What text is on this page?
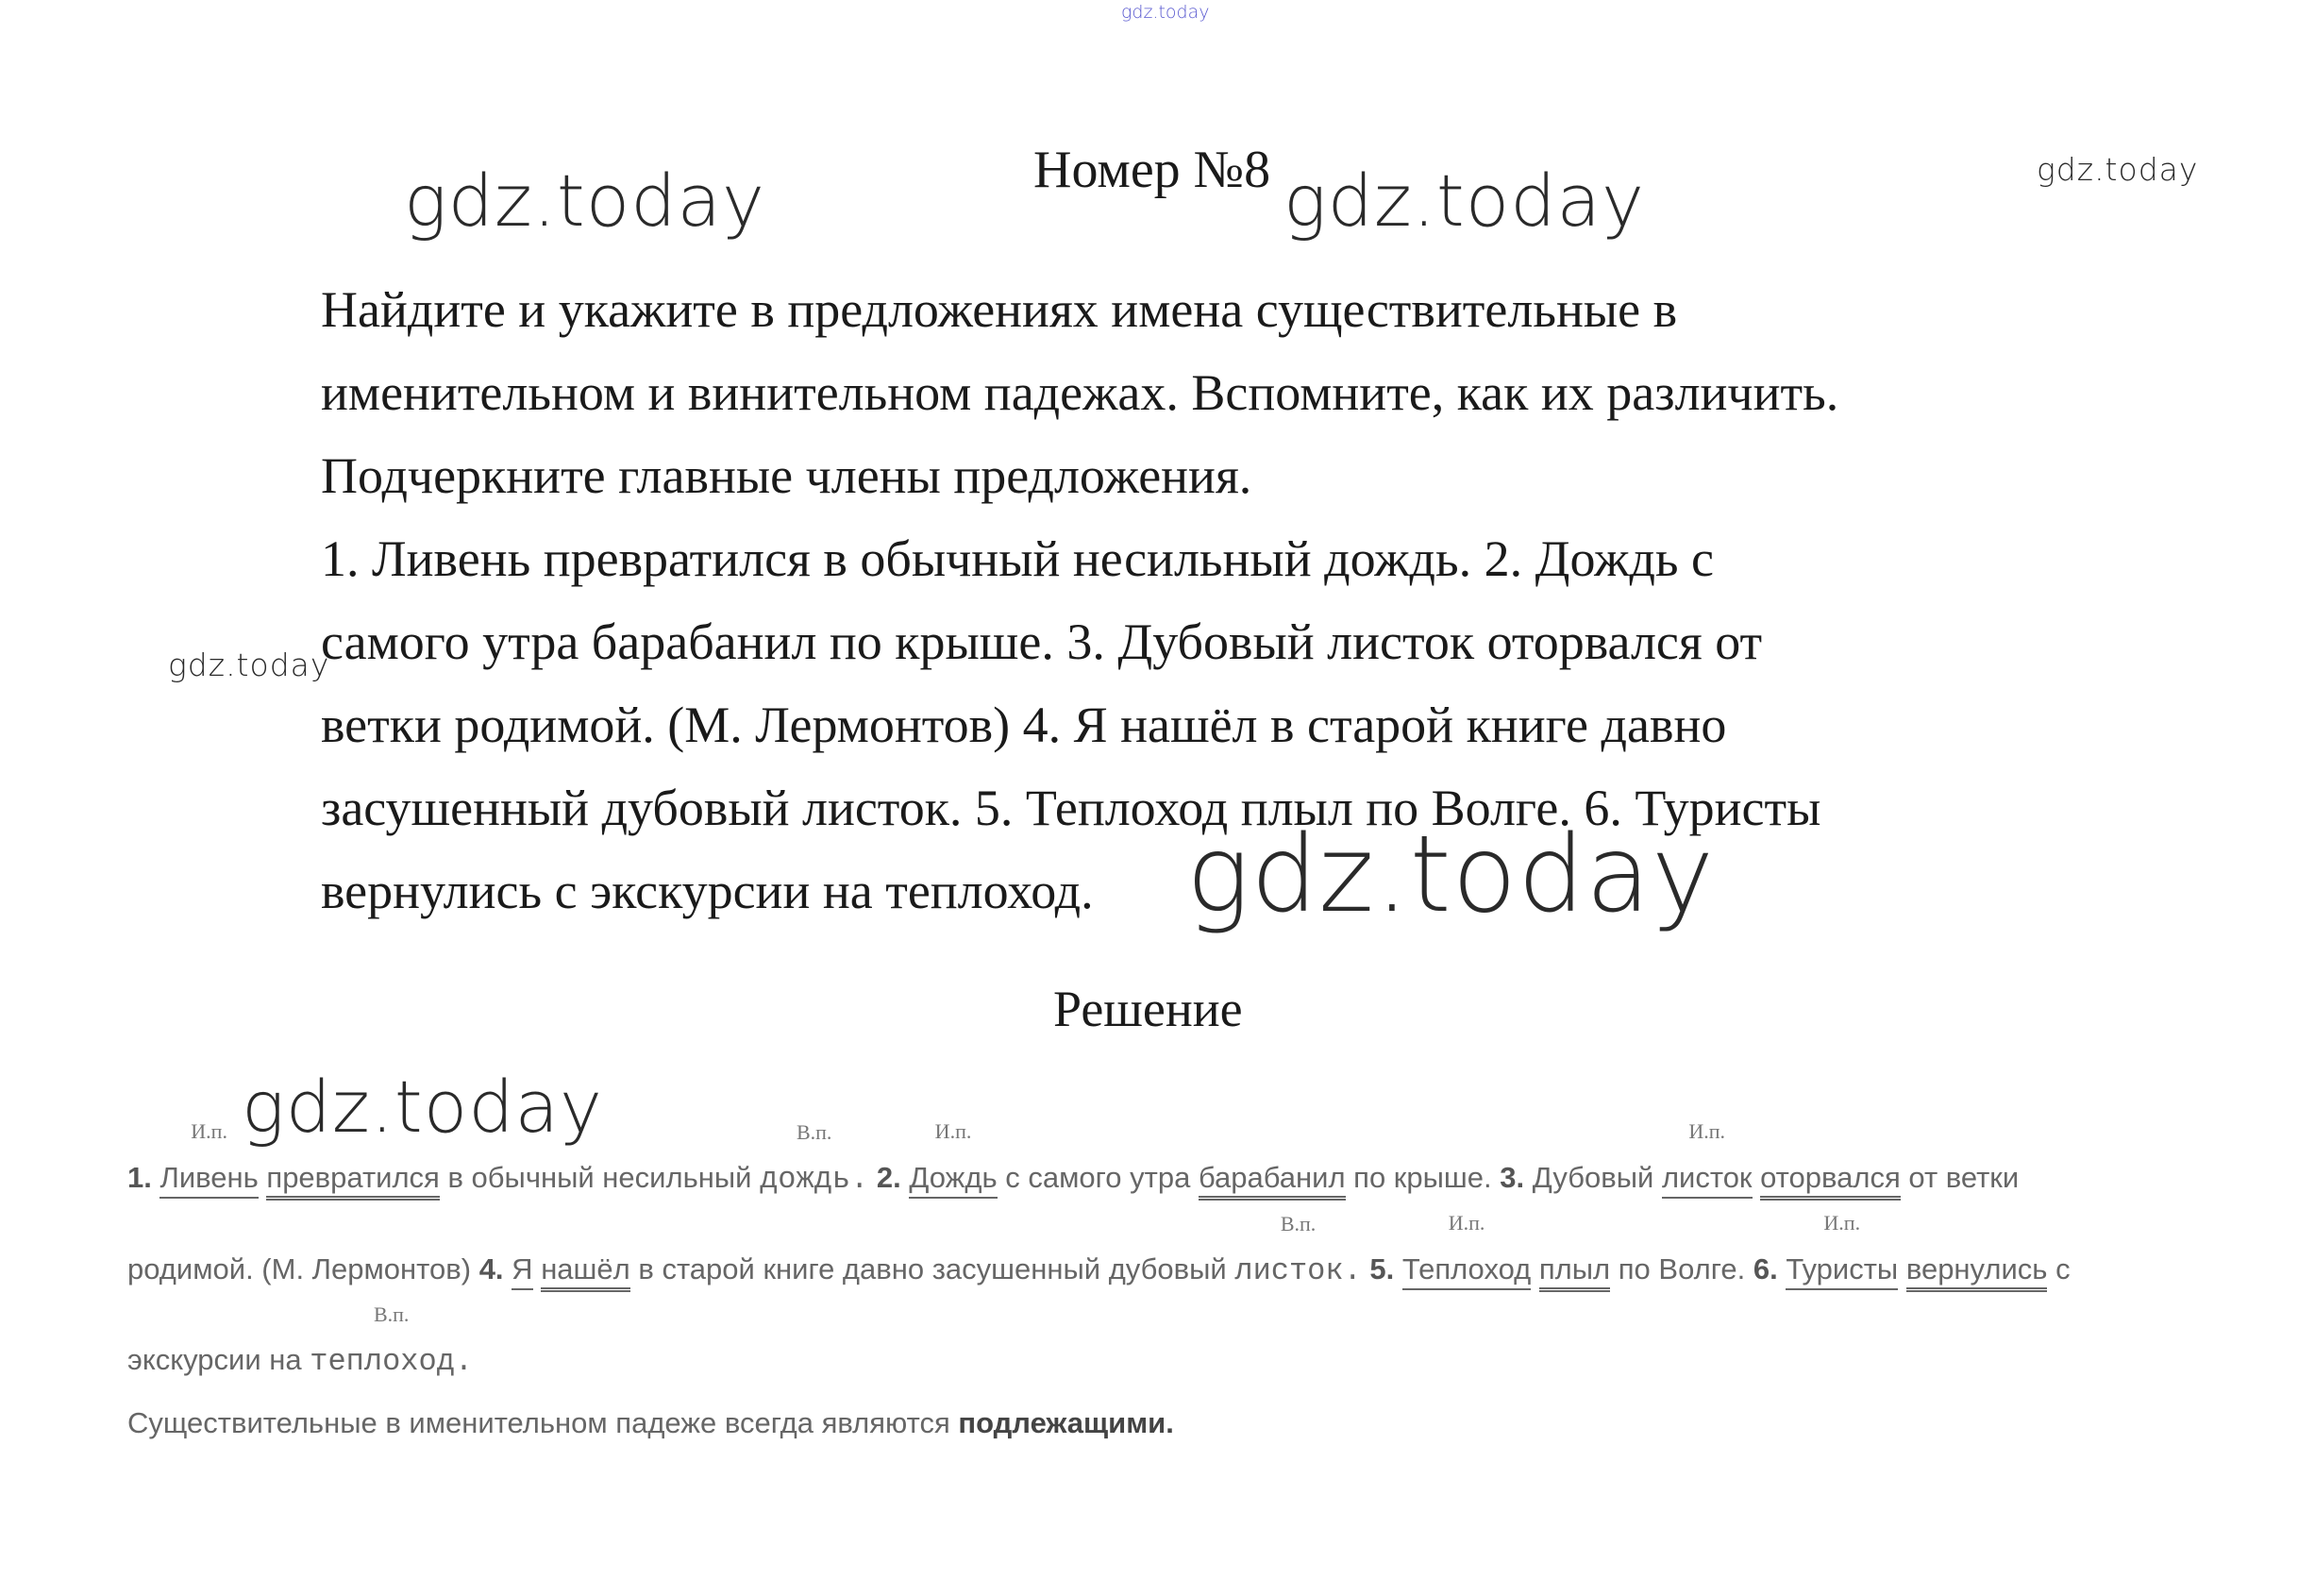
gdz.today
gdz.today	gdz.today	gdz.today
gdz.today
gdz.today
gdz.today
Номер №8
Найдите и укажите в предложениях имена существительные в
именительном и винительном падежах. Вспомните, как их различить.
Подчеркните главные члены предложения.
1. Ливень превратился в обычный несильный дождь. 2. Дождь с
самого утра барабанил по крыше. 3. Дубовый листок оторвался от
ветки родимой. (М. Лермонтов) 4. Я нашёл в старой книге давно
засушенный дубовый листок. 5. Теплоход плыл по Волге. 6. Туристы
вернулись с экскурсии на теплоход.
Решение
1.
И.п.
Ливень превратился в обычный несильный
В.п.
дождь. 2.
И.п.
Дождь с самого утра барабанил по крыше. 3. Дубовый
И.п.
листок оторвался от ветки
родимой. (М. Лермонтов) 4. Я нашёл в старой книге давно засушенный дубовый
В.п.
листок. 5.
И.п.
Теплоход плыл по Волге. 6.
И.п.
Туристы вернулись с
экскурсии на
В.п.
теплоход.
Существительные в именительном падеже всегда являются подлежащими.
